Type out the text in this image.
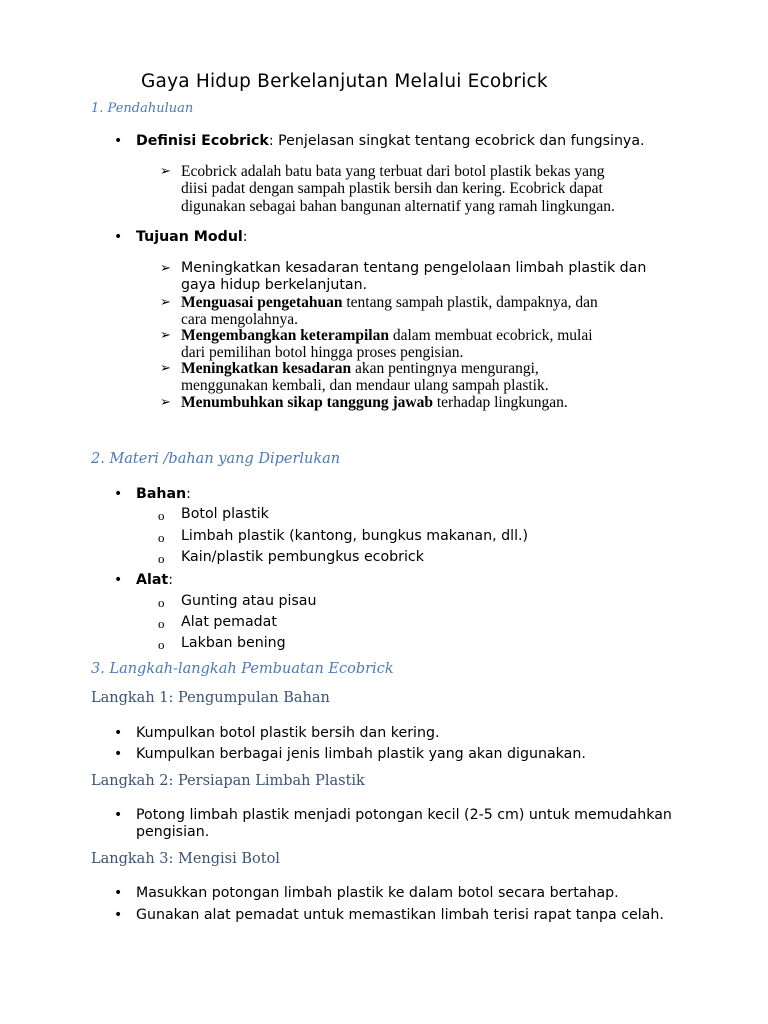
Gaya Hidup Berkelanjutan Melalui Ecobrick
1. Pendahuluan
• Definisi Ecobrick: Penjelasan singkat tentang ecobrick dan fungsinya.
➢ Ecobrick adalah batu bata yang terbuat dari botol plastik bekas yang
diisi padat dengan sampah plastik bersih dan kering. Ecobrick dapat
digunakan sebagai bahan bangunan alternatif yang ramah lingkungan.
• Tujuan Modul:
➢ Meningkatkan kesadaran tentang pengelolaan limbah plastik dan
gaya hidup berkelanjutan.
➢ Menguasai pengetahuan tentang sampah plastik, dampaknya, dan
cara mengolahnya.
➢ Mengembangkan keterampilan dalam membuat ecobrick, mulai
dari pemilihan botol hingga proses pengisian.
➢ Meningkatkan kesadaran akan pentingnya mengurangi,
menggunakan kembali, dan mendaur ulang sampah plastik.
➢ Menumbuhkan sikap tanggung jawab terhadap lingkungan.
2. Materi /bahan yang Diperlukan
• Bahan:
o Botol plastik
o Limbah plastik (kantong, bungkus makanan, dll.)
o Kain/plastik pembungkus ecobrick
• Alat:
o Gunting atau pisau
o Alat pemadat
o Lakban bening
3. Langkah-langkah Pembuatan Ecobrick
Langkah 1: Pengumpulan Bahan
• Kumpulkan botol plastik bersih dan kering.
• Kumpulkan berbagai jenis limbah plastik yang akan digunakan.
Langkah 2: Persiapan Limbah Plastik
• Potong limbah plastik menjadi potongan kecil (2-5 cm) untuk memudahkan
pengisian.
Langkah 3: Mengisi Botol
• Masukkan potongan limbah plastik ke dalam botol secara bertahap.
• Gunakan alat pemadat untuk memastikan limbah terisi rapat tanpa celah.
